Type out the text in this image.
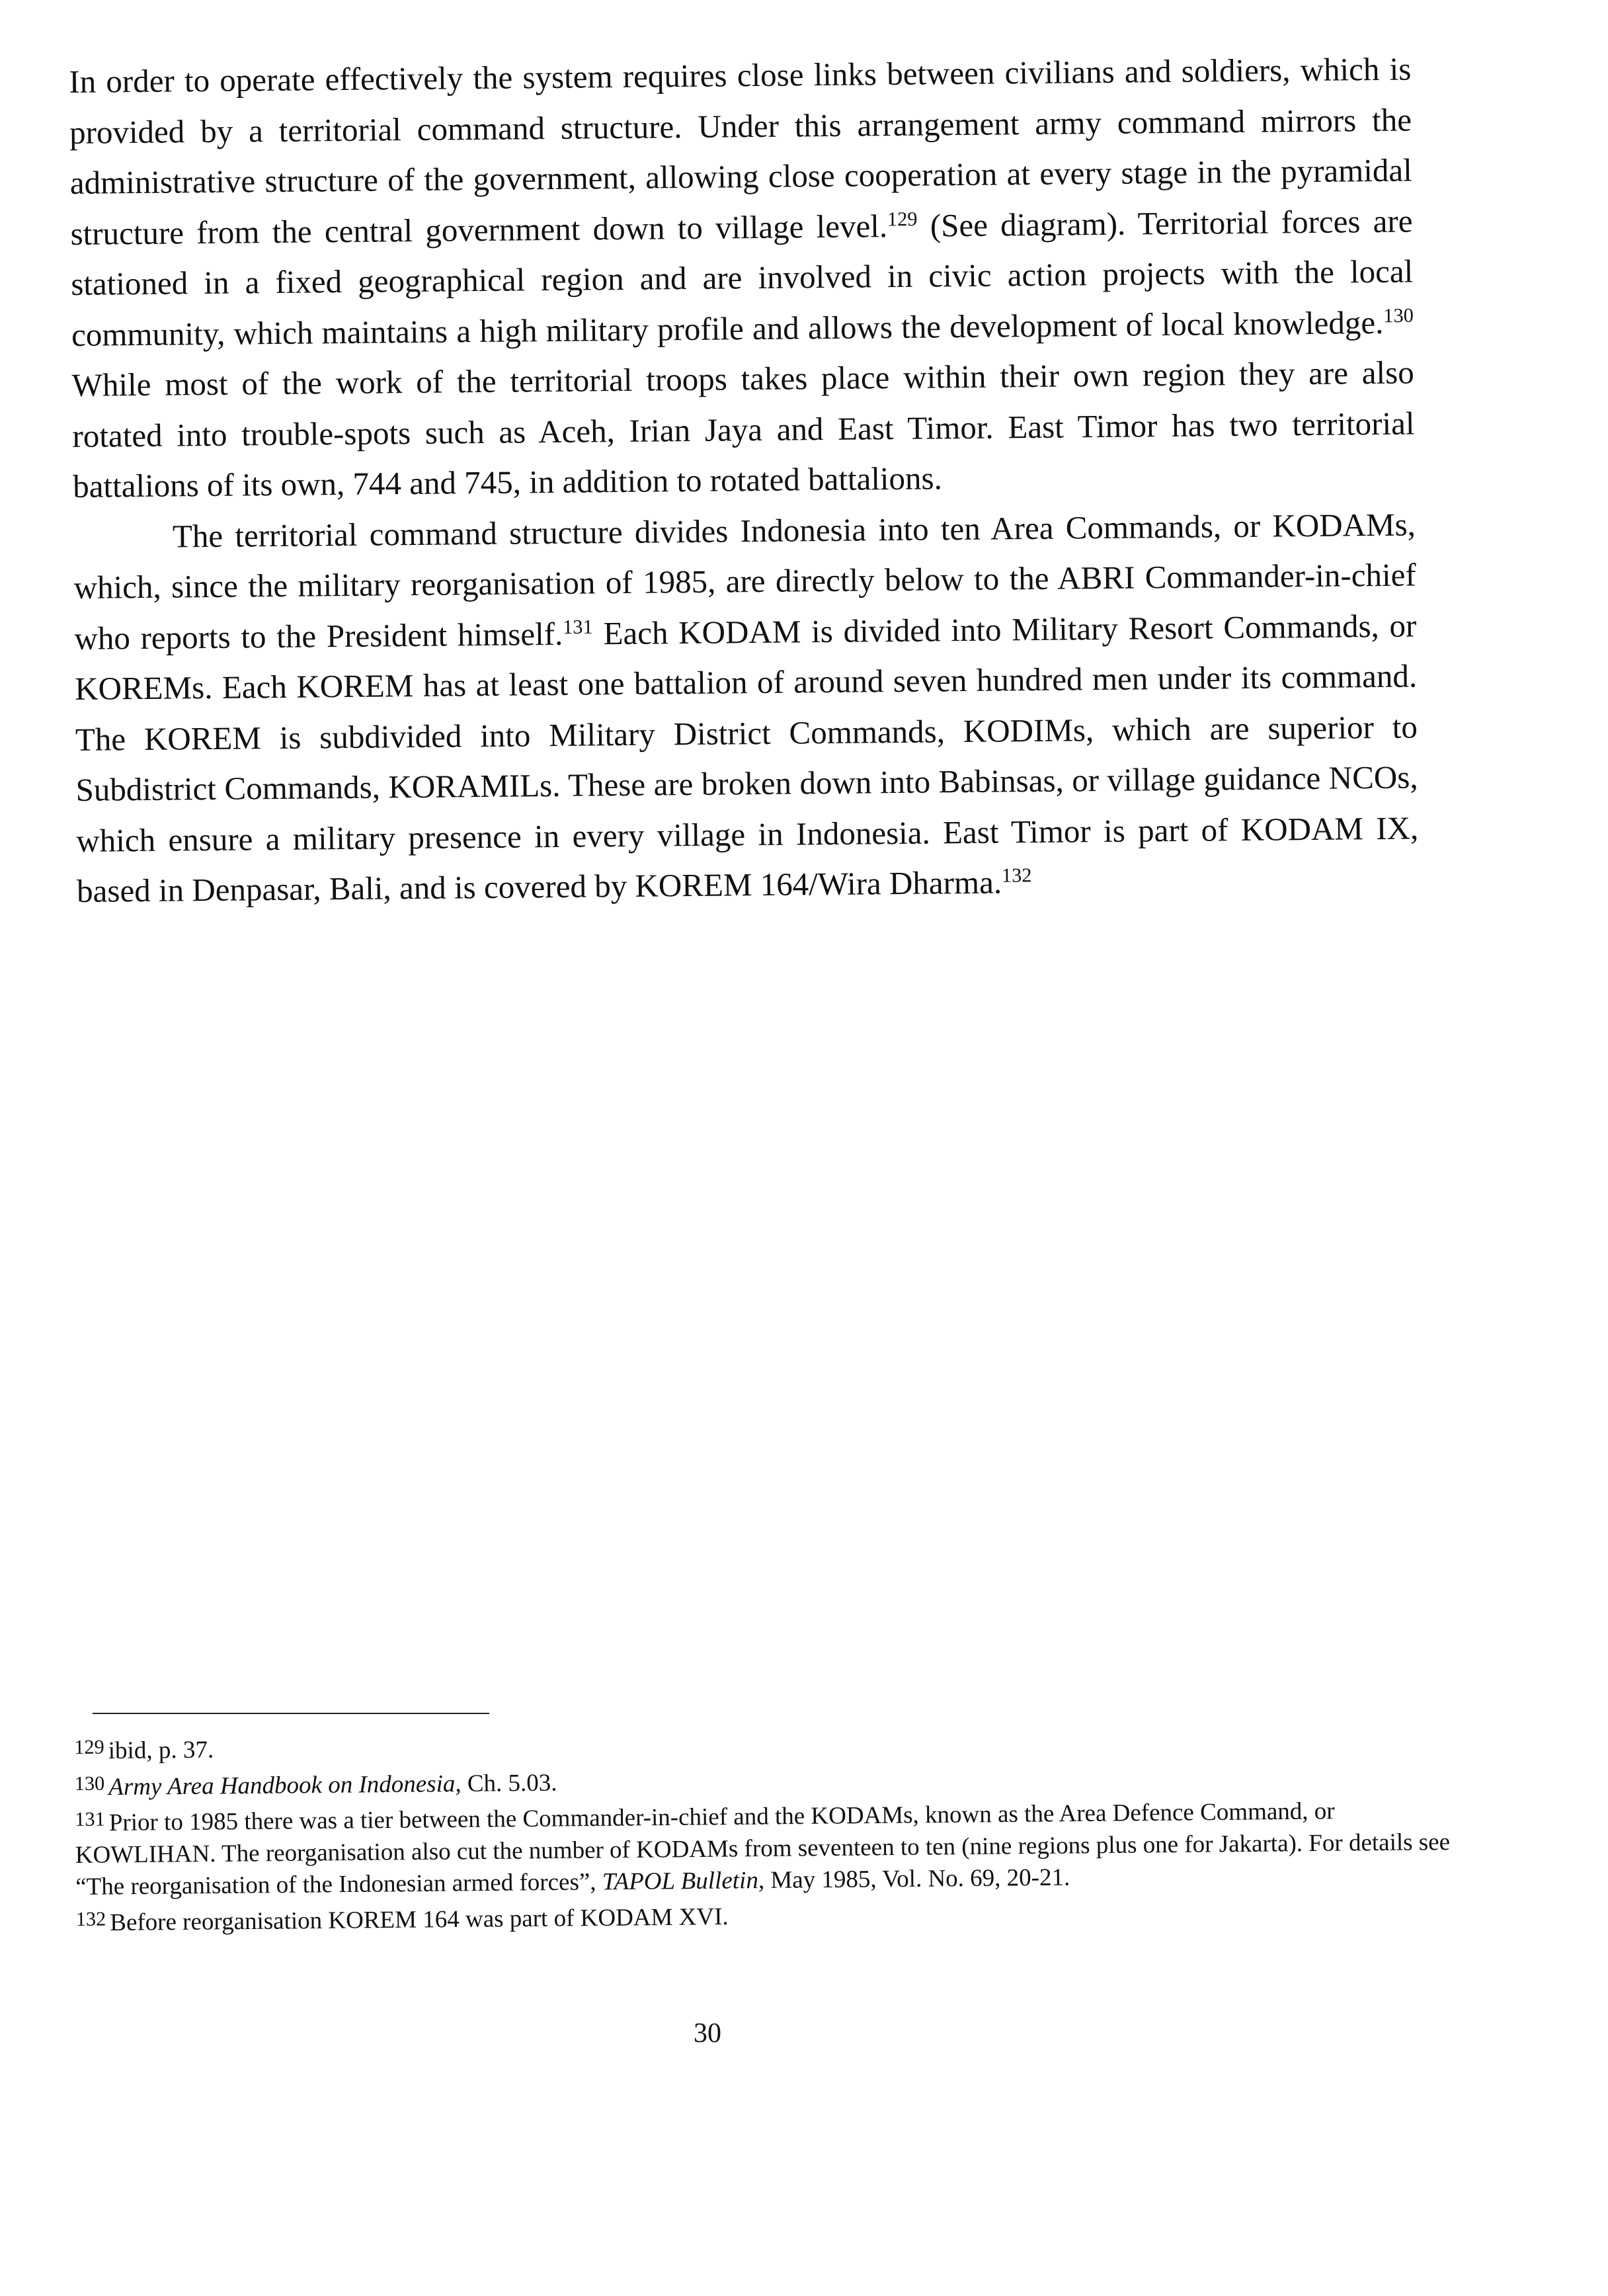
In order to operate effectively the system requires close links between civilians and soldiers, which is provided by a territorial command structure. Under this arrangement army command mirrors the administrative structure of the government, allowing close cooperation at every stage in the pyramidal structure from the central government down to village level.$^{129}$ (See diagram). Territorial forces are stationed in a fixed geographical region and are involved in civic action projects with the local community, which maintains a high military profile and allows the development of local knowledge.$^{130}$ While most of the work of the territorial troops takes place within their own region they are also rotated into trouble-spots such as Aceh, Irian Jaya and East Timor. East Timor has two territorial battalions of its own, 744 and 745, in addition to rotated battalions.

The territorial command structure divides Indonesia into ten Area Commands, or KODAMs, which, since the military reorganisation of 1985, are directly below to the ABRI Commander-in-chief who reports to the President himself.$^{131}$ Each KODAM is divided into Military Resort Commands, or KOREMs. Each KOREM has at least one battalion of around seven hundred men under its command. The KOREM is subdivided into Military District Commands, KODIMs, which are superior to Subdistrict Commands, KORAMILs. These are broken down into Babinsas, or village guidance NCOs, which ensure a military presence in every village in Indonesia. East Timor is part of KODAM IX, based in Denpasar, Bali, and is covered by KOREM 164/Wira Dharma.$^{132}$

$^{129}$ ibid, p. 37.

$^{130}$ Army Area Handbook on Indonesia, Ch. 5.03.

$^{131}$ Prior to 1985 there was a tier between the Commander-in-chief and the KODAMs, known as the Area Defence Command, or KOWLIHAN. The reorganisation also cut the number of KODAMs from seventeen to ten (nine regions plus one for Jakarta). For details see “The reorganisation of the Indonesian armed forces”, TAPOL Bulletin, May 1985, Vol. No. 69, 20-21.

$^{132}$ Before reorganisation KOREM 164 was part of KODAM XVI.

30
